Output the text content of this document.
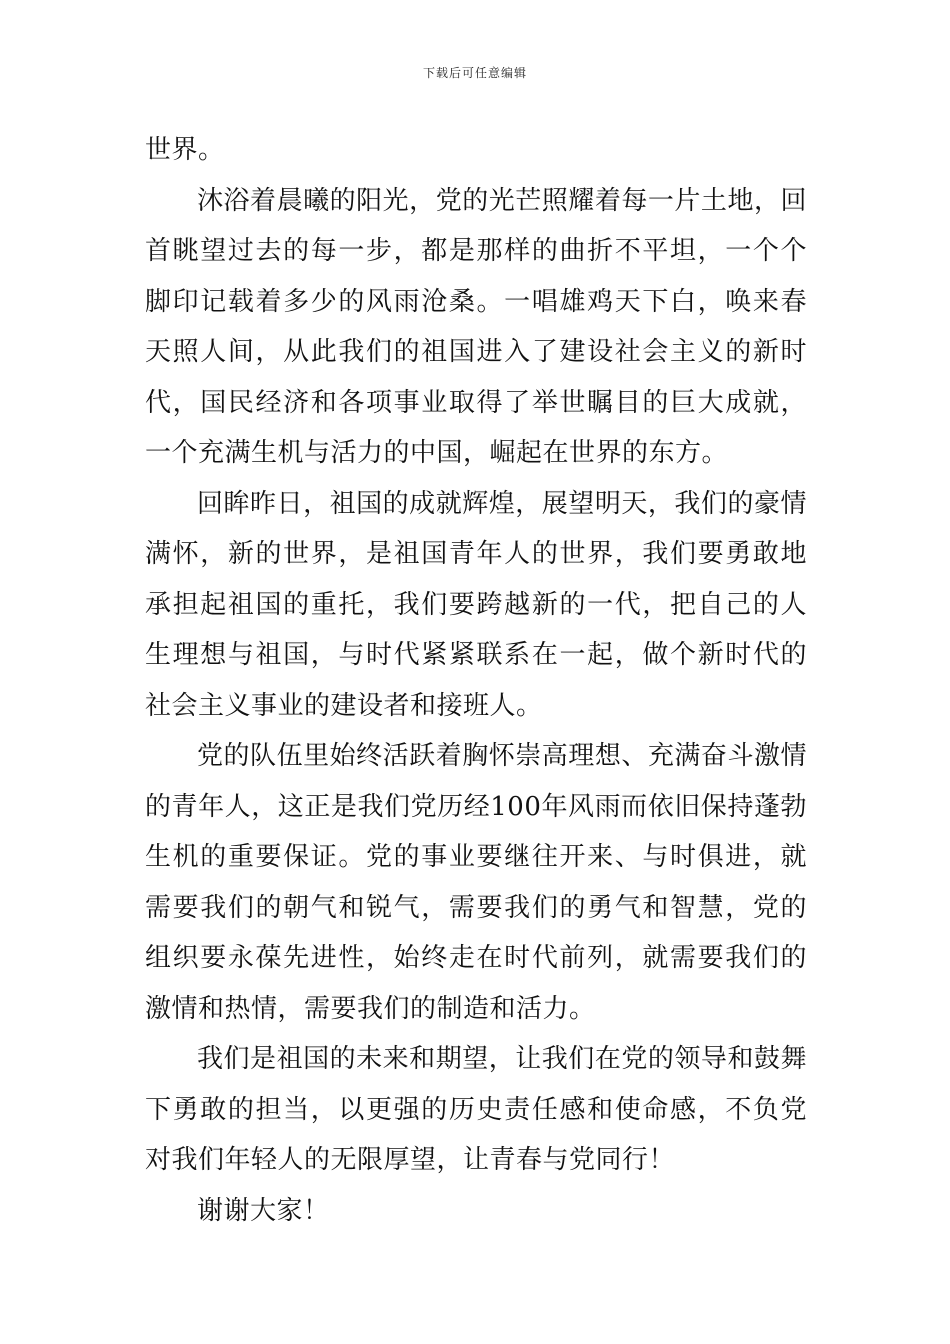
下载后可任意编辑

世界。

沐浴着晨曦的阳光，党的光芒照耀着每一片土地，回首眺望过去的每一步，都是那样的曲折不平坦，一个个脚印记载着多少的风雨沧桑。一唱雄鸡天下白，唤来春天照人间，从此我们的祖国进入了建设社会主义的新时代，国民经济和各项事业取得了举世瞩目的巨大成就，一个充满生机与活力的中国，崛起在世界的东方。

回眸昨日，祖国的成就辉煌，展望明天，我们的豪情满怀，新的世界，是祖国青年人的世界，我们要勇敢地承担起祖国的重托，我们要跨越新的一代，把自己的人生理想与祖国，与时代紧紧联系在一起，做个新时代的社会主义事业的建设者和接班人。

党的队伍里始终活跃着胸怀崇高理想、充满奋斗激情的青年人，这正是我们党历经100年风雨而依旧保持蓬勃生机的重要保证。党的事业要继往开来、与时俱进，就需要我们的朝气和锐气，需要我们的勇气和智慧，党的组织要永葆先进性，始终走在时代前列，就需要我们的激情和热情，需要我们的制造和活力。

我们是祖国的未来和期望，让我们在党的领导和鼓舞下勇敢的担当，以更强的历史责任感和使命感，不负党对我们年轻人的无限厚望，让青春与党同行！

谢谢大家！
